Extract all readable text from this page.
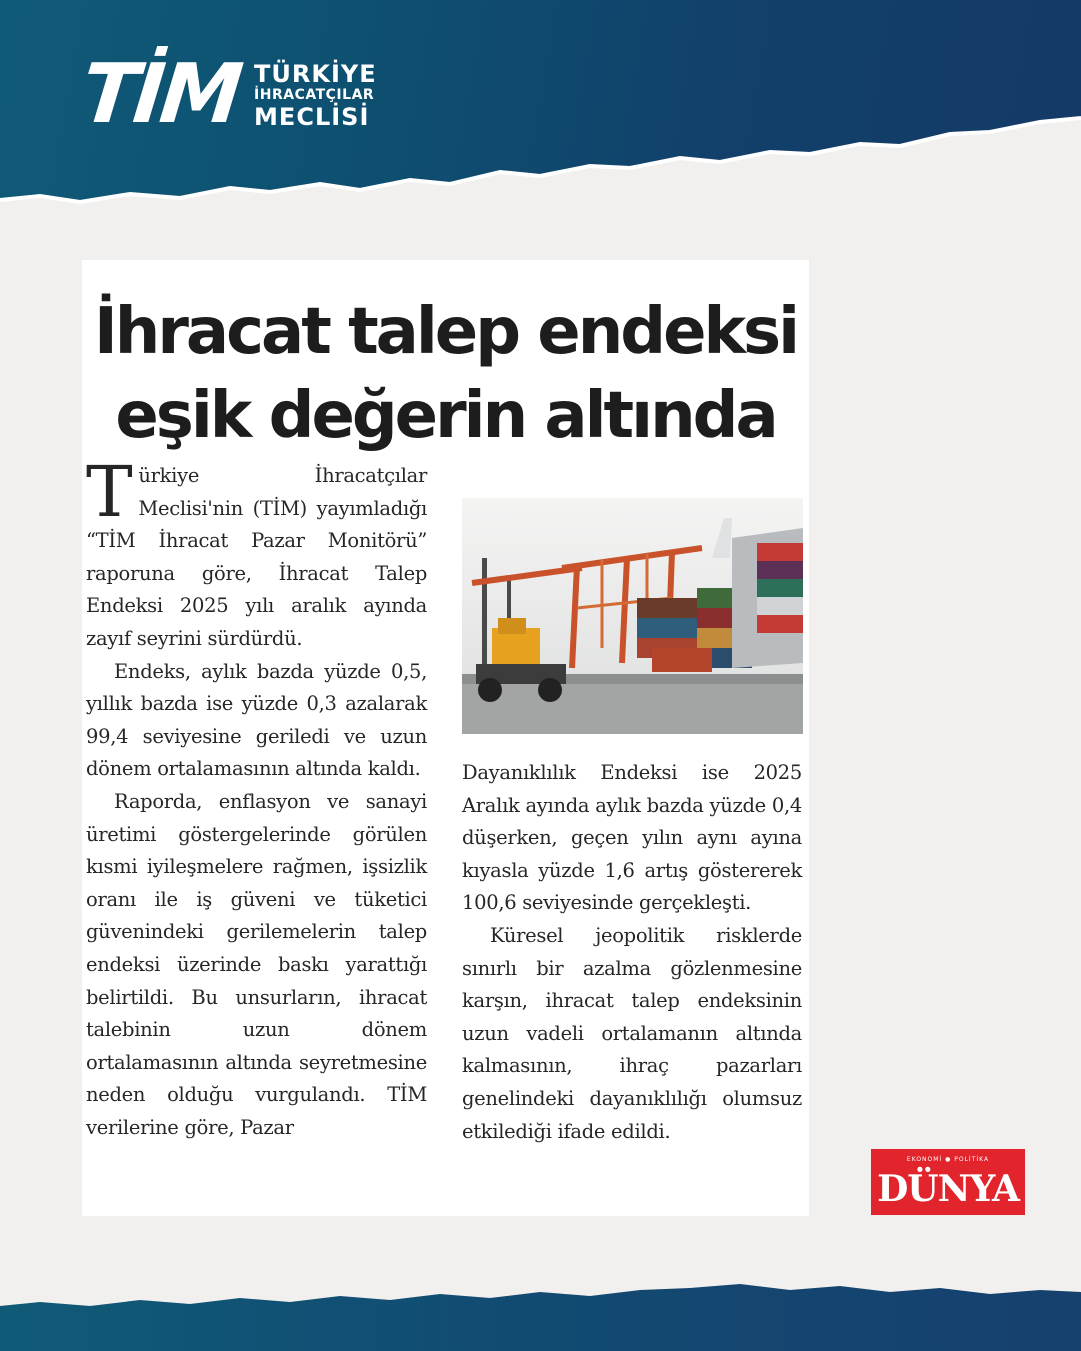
TİM TÜRKİYE
İHRACATÇILAR
MECLİSİ
İhracat talep endeksi
eşik değerin altında

Türkiye İhracatçılar Meclisi'nin (TİM) yayımladığı “TİM İhracat Pazar Monitörü” raporuna göre, İhracat Talep Endeksi 2025 yılı aralık ayında zayıf seyrini sürdürdü.

Endeks, aylık bazda yüzde 0,5, yıllık bazda ise yüzde 0,3 azalarak 99,4 seviyesine geriledi ve uzun dönem ortalamasının altında kaldı.

Raporda, enflasyon ve sanayi üretimi göstergelerinde görülen kısmi iyileşmelere rağmen, işsizlik oranı ile iş güveni ve tüketici güvenindeki gerilemelerin talep endeksi üzerinde baskı yarattığı belirtildi. Bu unsurların, ihracat talebinin uzun dönem ortalamasının altında seyretmesine neden olduğu vurgulandı. TİM verilerine göre, Pazar

Dayanıklılık Endeksi ise 2025 Aralık ayında aylık bazda yüzde 0,4 düşerken, geçen yılın aynı ayına kıyasla yüzde 1,6 artış göstererek 100,6 seviyesinde gerçekleşti.

Küresel jeopolitik risklerde sınırlı bir azalma gözlenmesine karşın, ihracat talep endeksinin uzun vadeli ortalamanın altında kalmasının, ihraç pazarları genelindeki dayanıklılığı olumsuz etkilediği ifade edildi.

EKONOMİ ● POLİTİKA
DÜNYA
